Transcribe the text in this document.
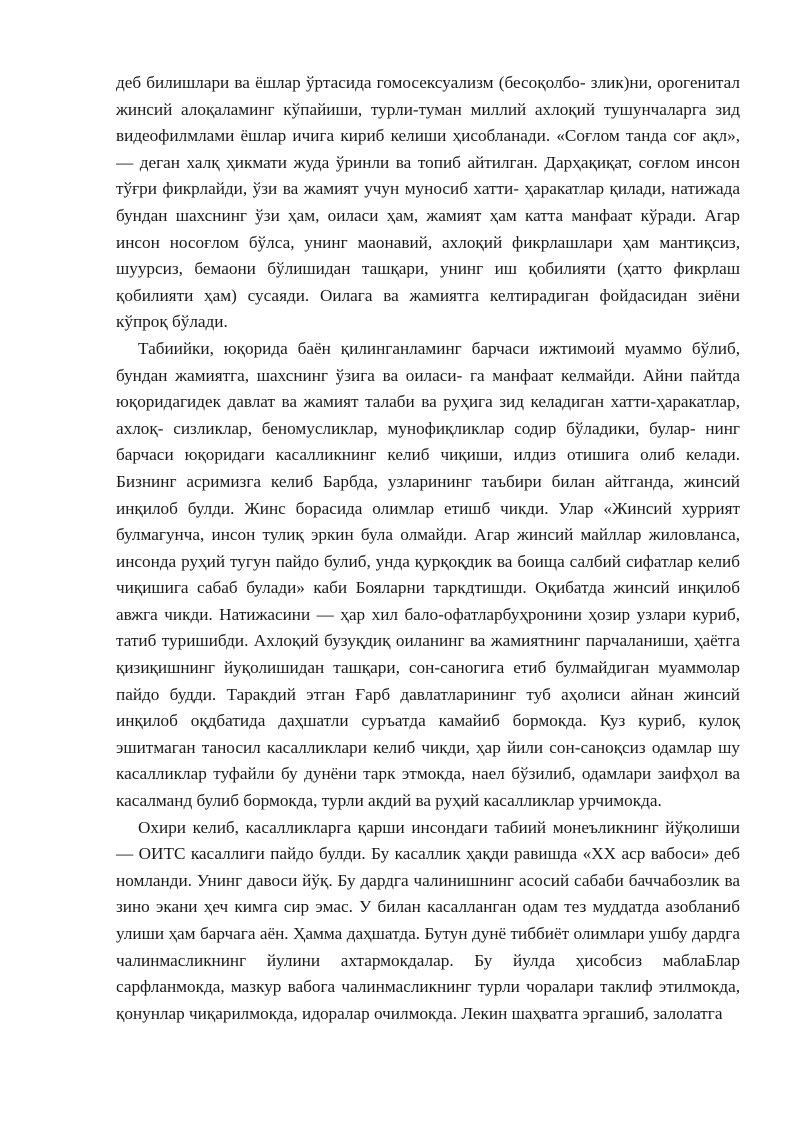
деб билишлари ва ёшлар ўртасида гомосексуализм (бесоқолбо- злик)ни, орогенитал жинсий алоқаламинг кўпайиши, турли-туман миллий ахлоқий тушунчаларга зид видеофилмлами ёшлар ичига кириб келиши ҳисобланади. «Соғлом танда соғ ақл», — деган халқ ҳикмати жуда ўринли ва топиб айтилган. Дарҳақиқат, соғлом инсон тўғри фикрлайди, ўзи ва жамият учун муносиб хатти- ҳаракатлар қилади, натижада бундан шахснинг ўзи ҳам, оиласи ҳам, жамият ҳам катта манфаат кўради. Агар инсон носоғлом бўлса, унинг маонавий, ахлоқий фикрлашлари ҳам мантиқсиз, шуурсиз, бемаони бўлишидан ташқари, унинг иш қобилияти (ҳатто фикрлаш қобилияти ҳам) сусаяди. Оилага ва жамиятга келтирадиган фойдасидан зиёни кўпроқ бўлади.

Табиийки, юқорида баён қилинганламинг барчаси ижтимоий муаммо бўлиб, бундан жамиятга, шахснинг ўзига ва оиласи- га манфаат келмайди. Айни пайтда юқоридагидек давлат ва жамият талаби ва руҳига зид келадиган хатти-ҳаракатлар, ахлоқ- сизликлар, беномусликлар, мунофиқликлар содир бўладики, булар- нинг барчаси юқоридаги касалликнинг келиб чиқиши, илдиз отишига олиб келади. Бизнинг асримизга келиб Барбда, узларининг таъбири билан айтганда, жинсий инқилоб булди. Жинс борасида олимлар етишб чикди. Улар «Жинсий хуррият булмагунча, инсон тулиқ эркин була олмайди. Агар жинсий майллар жиловланса, инсонда руҳий тугун пайдо булиб, унда қурқоқдик ва боища салбий сифатлар келиб чиқишига сабаб булади» каби Бояларни таркдтишди. Оқибатда жинсий инқилоб авжга чикди. Натижасини — ҳар хил бало-офатларбуҳронини ҳозир узлари куриб, татиб туришибди. Ахлоқий бузуқдиқ оиланинг ва жамиятнинг парчаланиши, ҳаётга қизиқишнинг йуқолишидан ташқари, сон-саногига етиб булмайдиган муаммолар пайдо будди. Таракдий этган Ғарб давлатларининг туб аҳолиси айнан жинсий инқилоб оқдбатида даҳшатли суръатда камайиб бормокда. Куз куриб, кулоқ эшитмаган таносил касалликлари келиб чикди, ҳар йили сон-саноқсиз одамлар шу касалликлар туфайли бу дунёни тарк этмокда, наел бўзилиб, одамлари заифҳол ва касалманд булиб бормокда, турли акдий ва руҳий касалликлар урчимокда.

Охири келиб, касалликларга қарши инсондаги табиий монеъликнинг йўқолиши — ОИТС касаллиги пайдо булди. Бу касаллик ҳақди равишда «XX аср вабоси» деб номланди. Унинг давоси йўқ. Бу дардга чалинишнинг асосий сабаби баччабозлик ва зино экани ҳеч кимга сир эмас. У билан касалланган одам тез муддатда азобланиб улиши ҳам барчага аён. Ҳамма даҳшатда. Бутун дунё тиббиёт олимлари ушбу дардга чалинмасликнинг йулини ахтармокдалар. Бу йулда ҳисобсиз маблаБлар сарфланмокда, мазкур вабога чалинмасликнинг турли чоралари таклиф этилмокда, қонунлар чиқарилмокда, идоралар очилмокда. Лекин шаҳватга эргашиб, залолатга
